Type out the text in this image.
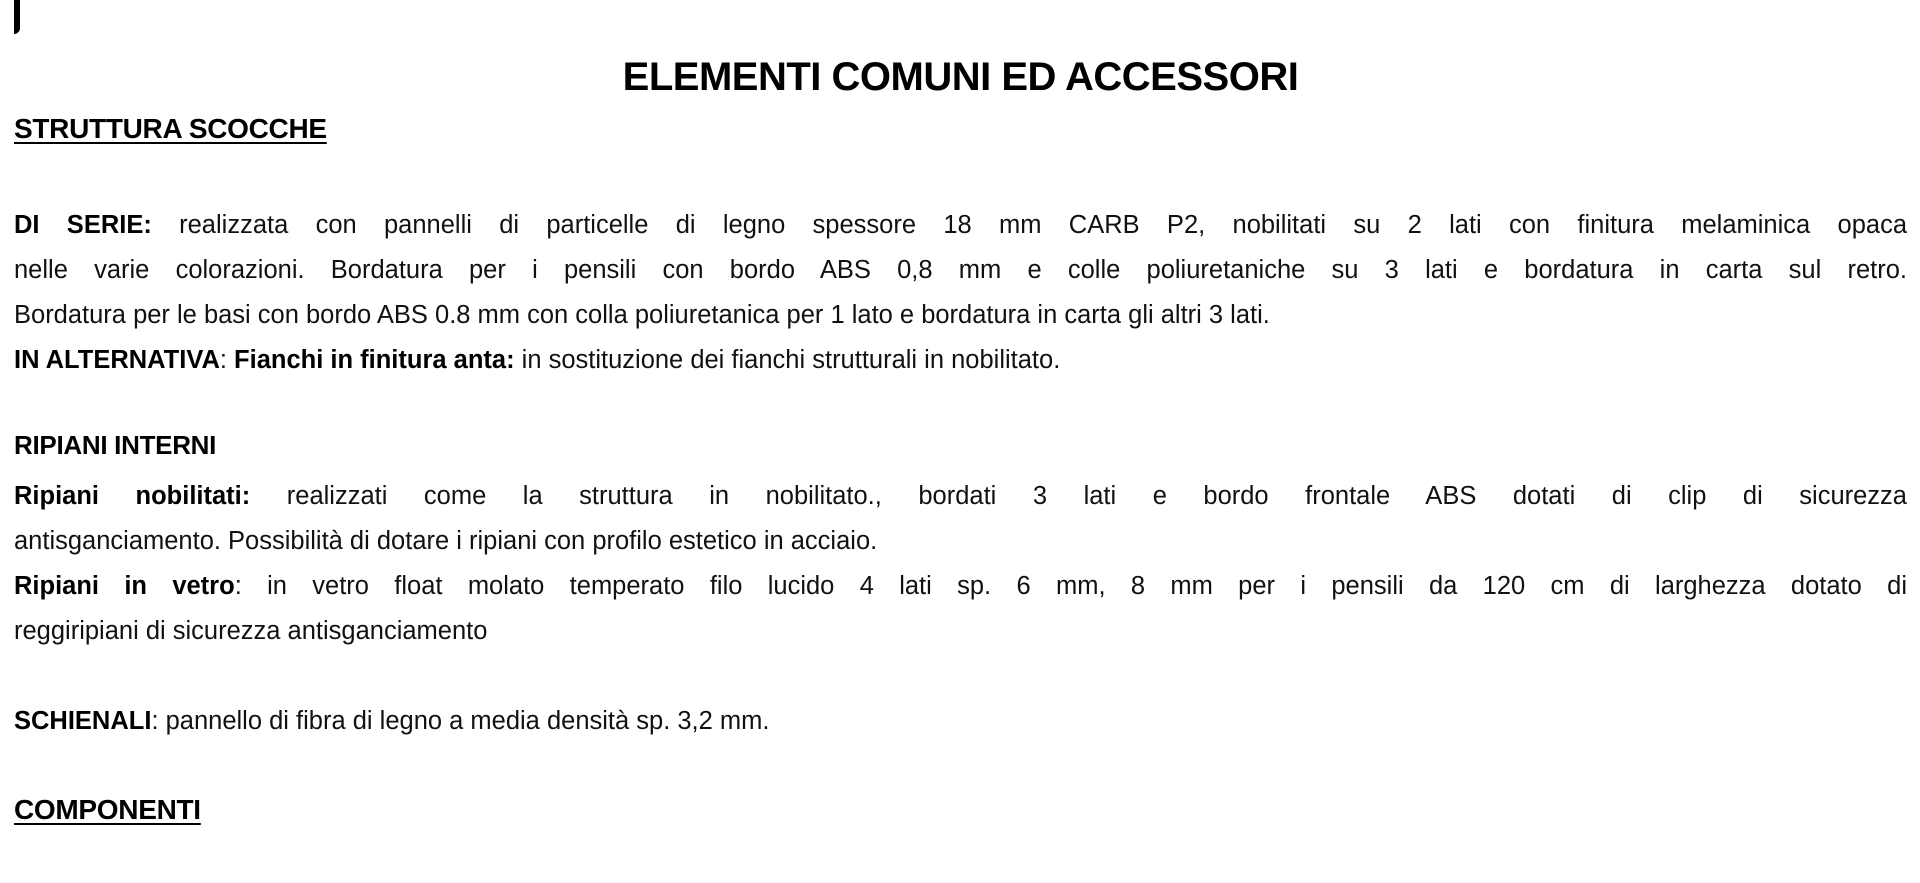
ELEMENTI COMUNI ED ACCESSORI
STRUTTURA SCOCCHE
DI SERIE: realizzata con pannelli di particelle di legno spessore 18 mm CARB P2, nobilitati su 2 lati con finitura melaminica opaca
nelle varie colorazioni. Bordatura per i pensili con bordo ABS 0,8 mm e colle poliuretaniche su 3 lati e bordatura in carta sul retro.
Bordatura per le basi con bordo ABS 0.8 mm con colla poliuretanica per 1 lato e bordatura in carta gli altri 3 lati.
IN ALTERNATIVA: Fianchi in finitura anta: in sostituzione dei fianchi strutturali in nobilitato.
RIPIANI INTERNI
Ripiani nobilitati: realizzati come la struttura in nobilitato., bordati 3 lati e bordo frontale ABS dotati di clip di sicurezza
antisganciamento. Possibilità di dotare i ripiani con profilo estetico in acciaio.
Ripiani in vetro: in vetro float molato temperato filo lucido 4 lati sp. 6 mm, 8 mm per i pensili da 120 cm di larghezza dotato di
reggiripiani di sicurezza antisganciamento
SCHIENALI: pannello di fibra di legno a media densità sp. 3,2 mm.
COMPONENTI
